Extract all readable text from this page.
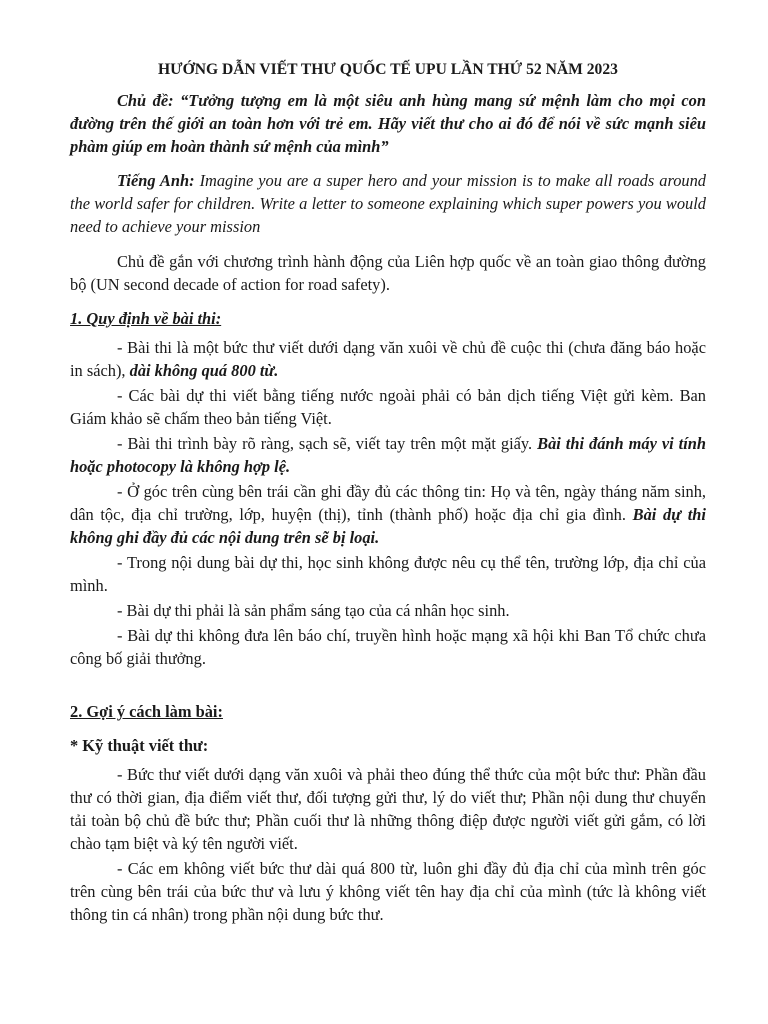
HƯỚNG DẪN VIẾT THƯ QUỐC TẾ UPU LẦN THỨ 52 NĂM 2023

Chủ đề: “Tưởng tượng em là một siêu anh hùng mang sứ mệnh làm cho mọi con đường trên thế giới an toàn hơn với trẻ em. Hãy viết thư cho ai đó để nói về sức mạnh siêu phàm giúp em hoàn thành sứ mệnh của mình”

Tiếng Anh: Imagine you are a super hero and your mission is to make all roads around the world safer for children. Write a letter to someone explaining which super powers you would need to achieve your mission

Chủ đề gắn với chương trình hành động của Liên hợp quốc về an toàn giao thông đường bộ (UN second decade of action for road safety).

1. Quy định về bài thi:

- Bài thi là một bức thư viết dưới dạng văn xuôi về chủ đề cuộc thi (chưa đăng báo hoặc in sách), dài không quá 800 từ.

- Các bài dự thi viết bằng tiếng nước ngoài phải có bản dịch tiếng Việt gửi kèm. Ban Giám khảo sẽ chấm theo bản tiếng Việt.

- Bài thi trình bày rõ ràng, sạch sẽ, viết tay trên một mặt giấy. Bài thi đánh máy vi tính hoặc photocopy là không hợp lệ.

- Ở góc trên cùng bên trái cần ghi đầy đủ các thông tin: Họ và tên, ngày tháng năm sinh, dân tộc, địa chỉ trường, lớp, huyện (thị), tỉnh (thành phố) hoặc địa chỉ gia đình. Bài dự thi không ghi đầy đủ các nội dung trên sẽ bị loại.

- Trong nội dung bài dự thi, học sinh không được nêu cụ thể tên, trường lớp, địa chỉ của mình.

- Bài dự thi phải là sản phẩm sáng tạo của cá nhân học sinh.

- Bài dự thi không đưa lên báo chí, truyền hình hoặc mạng xã hội khi Ban Tổ chức chưa công bố giải thưởng.

2. Gợi ý cách làm bài:
* Kỹ thuật viết thư:

- Bức thư viết dưới dạng văn xuôi và phải theo đúng thể thức của một bức thư: Phần đầu thư có thời gian, địa điểm viết thư, đối tượng gửi thư, lý do viết thư; Phần nội dung thư chuyển tải toàn bộ chủ đề bức thư; Phần cuối thư là những thông điệp được người viết gửi gắm, có lời chào tạm biệt và ký tên người viết.

- Các em không viết bức thư dài quá 800 từ, luôn ghi đầy đủ địa chỉ của mình trên góc trên cùng bên trái của bức thư và lưu ý không viết tên hay địa chỉ của mình (tức là không viết thông tin cá nhân) trong phần nội dung bức thư.
